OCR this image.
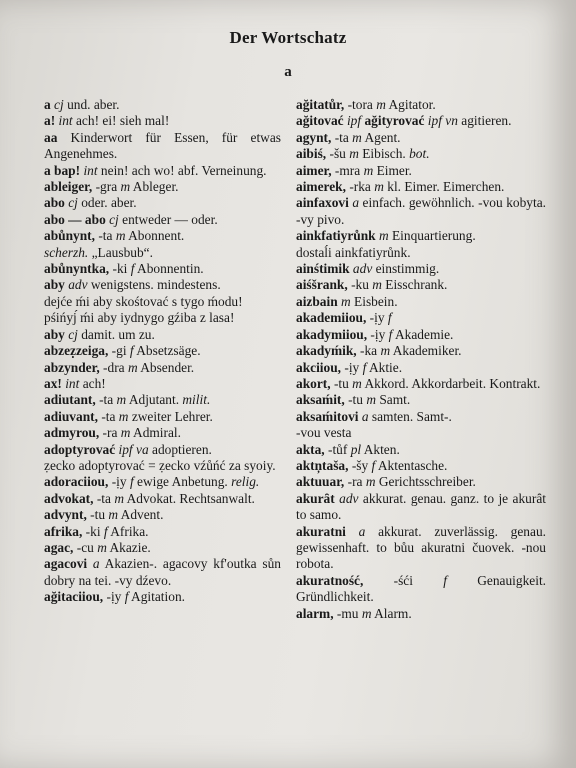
Der Wortschatz
a

a cj und. aber.

a! int ach! ei! sieh mal!

aa Kinderwort für Essen, für etwas Angenehmes.

a bap! int nein! ach wo! abf. Verneinung.

ableiger, -gra m Ableger.

abo cj oder. aber.

abo — abo cj entweder — oder.

abůnynt, -ta m Abonnent.

scherzh. „Lausbub“.

abůnyntka, -ki f Abonnentin.

aby adv wenigstens. mindestens.

dejće ḿi aby skośtovać s tygo ḿodu!

pśińyj́ ḿi aby iydnygo gźiba z lasa!

aby cj damit. um zu.

abzeẓzeiga, -gi f Absetzsäge.

abzynder, -dra m Absender.

ax! int ach!

adiutant, -ta m Adjutant. milit.

adiuvant, -ta m zweiter Lehrer.

admyrou, -ra m Admiral.

adoptyrovać ipf va adoptieren.

ẓecko adoptyrovać = ẓecko vźůńć za syoiy.

adoraciiou, -ịy f ewige Anbetung. relig.

advokat, -ta m Advokat. Rechtsanwalt.

advynt, -tu m Advent.

afrika, -ki f Afrika.

agac, -cu m Akazie.

agacovi a Akazien-. agacovy kf'outka sůn dobry na tei. -vy dźevo.

ağitaciiou, -ịy f Agitation.

ağitatůr, -tora m Agitator.

ağitovać ipf ağityrovać ipf vn agitieren.

agynt, -ta m Agent.

aibiś, -šu m Eibisch. bot.

aimer, -mra m Eimer.

aimerek, -rka m kl. Eimer. Eimerchen.

ainfaxovi a einfach. gewöhnlich. -vou kobyta. -vy pivo.

ainkfatiyrůnk m Einquartierung.

dostaĺi ainkfatiyrůnk.

ainśtimik adv einstimmig.

aiśšrank, -ku m Eisschrank.

aizbain m Eisbein.

akademiiou, -ịy f

akadymiiou, -ịy f Akademie.

akadyḿik, -ka m Akademiker.

akciiou, -ịy f Aktie.

akort, -tu m Akkord. Akkordarbeit. Kontrakt.

aksaḿit, -tu m Samt.

aksaḿitovi a samten. Samt-.

-vou vesta

akta, -tůf pl Akten.

aktņtaša, -šy f Aktentasche.

aktuuar, -ra m Gerichtsschreiber.

akurȃt adv akkurat. genau. ganz. to je akurȃt to samo.

akuratni a akkurat. zuverlässig. genau. gewissenhaft. to bůu akuratni čuovek. -nou robota.

akuratność, -śći f Genauigkeit. Gründlichkeit.

alarm, -mu m Alarm.
